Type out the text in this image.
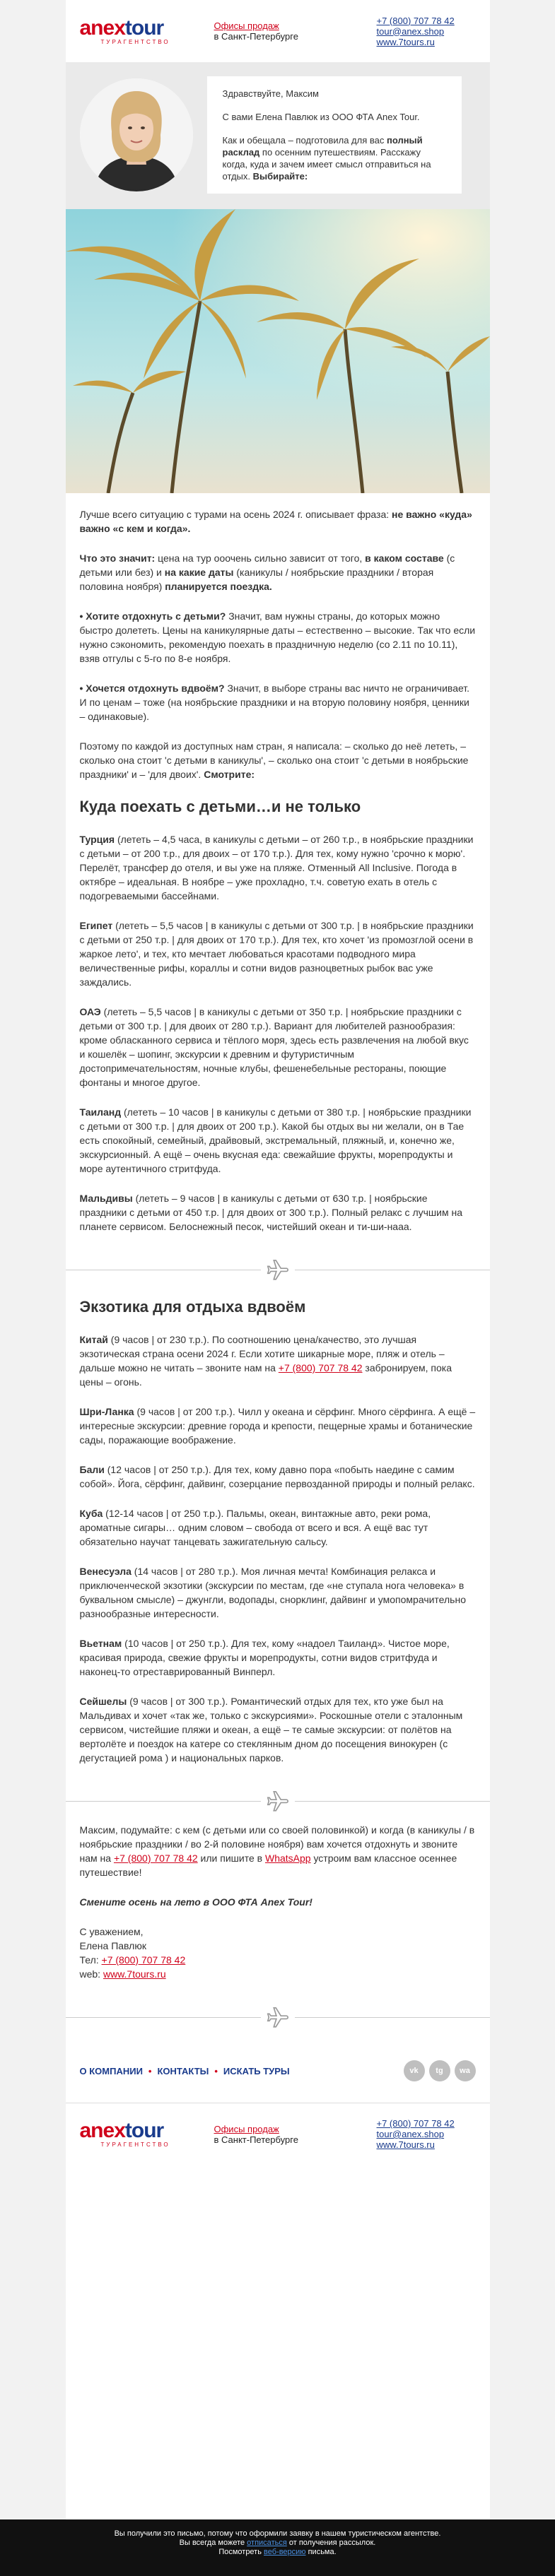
anextour
ТУРАГЕНТСТВО
Офисы продаж
в Санкт-Петербурге
+7 (800) 707 78 42
tour@anex.shop
www.7tours.ru

Здравствуйте, Максим

С вами Елена Павлюк из ООО ФТА Anex Tour.

Как и обещала – подготовила для вас полный расклад по осенним путешествиям. Расскажу когда, куда и зачем имеет смысл отправиться на отдых. Выбирайте:

Лучше всего ситуацию с турами на осень 2024 г. описывает фраза: не важно «куда» важно «с кем и когда».

Что это значит: цена на тур ооочень сильно зависит от того, в каком составе (с детьми или без) и на какие даты (каникулы / ноябрьские праздники / вторая половина ноября) планируется поездка.

• Хотите отдохнуть с детьми? Значит, вам нужны страны, до которых можно быстро долететь. Цены на каникулярные даты – естественно – высокие. Так что если нужно сэкономить, рекомендую поехать в праздничную неделю (со 2.11 по 10.11), взяв отгулы с 5-го по 8-е ноября.

• Хочется отдохнуть вдвоём? Значит, в выборе страны вас ничто не ограничивает. И по ценам – тоже (на ноябрьские праздники и на вторую половину ноября, ценники – одинаковые).

Поэтому по каждой из доступных нам стран, я написала: – сколько до неё лететь, – сколько она стоит 'с детьми в каникулы', – сколько она стоит 'с детьми в ноябрьские праздники' и – 'для двоих'. Смотрите:

Куда поехать с детьми…и не только

Турция (лететь – 4,5 часа, в каникулы с детьми – от 260 т.р., в ноябрьские праздники с детьми – от 200 т.р., для двоих – от 170 т.р.). Для тех, кому нужно 'срочно к морю'. Перелёт, трансфер до отеля, и вы уже на пляже. Отменный All Inclusive. Погода в октябре – идеальная. В ноябре – уже прохладно, т.ч. советую ехать в отель с подогреваемыми бассейнами.

Египет (лететь – 5,5 часов | в каникулы с детьми от 300 т.р. | в ноябрьские праздники с детьми от 250 т.р. | для двоих от 170 т.р.). Для тех, кто хочет 'из промозглой осени в жаркое лето', и тех, кто мечтает любоваться красотами подводного мира величественные рифы, кораллы и сотни видов разноцветных рыбок вас уже заждались.

ОАЭ (лететь – 5,5 часов | в каникулы с детьми от 350 т.р. | ноябрьские праздники с детьми от 300 т.р. | для двоих от 280 т.р.). Вариант для любителей разнообразия: кроме обласканного сервиса и тёплого моря, здесь есть развлечения на любой вкус и кошелёк – шопинг, экскурсии к древним и футуристичным достопримечательностям, ночные клубы, фешенебельные рестораны, поющие фонтаны и многое другое.

Таиланд (лететь – 10 часов | в каникулы с детьми от 380 т.р. | ноябрьские праздники с детьми от 300 т.р. | для двоих от 200 т.р.). Какой бы отдых вы ни желали, он в Тае есть спокойный, семейный, драйвовый, экстремальный, пляжный, и, конечно же, экскурсионный. А ещё – очень вкусная еда: свежайшие фрукты, морепродукты и море аутентичного стритфуда.

Мальдивы (лететь – 9 часов | в каникулы с детьми от 630 т.р. | ноябрьские праздники с детьми от 450 т.р. | для двоих от 300 т.р.). Полный релакс с лучшим на планете сервисом. Белоснежный песок, чистейший океан и ти-ши-нааа.

Экзотика для отдыха вдвоём

Китай (9 часов | от 230 т.р.). По соотношению цена/качество, это лучшая экзотическая страна осени 2024 г. Если хотите шикарные море, пляж и отель – дальше можно не читать – звоните нам на +7 (800) 707 78 42 забронируем, пока цены – огонь.

Шри-Ланка (9 часов | от 200 т.р.). Чилл у океана и сёрфинг. Много сёрфинга. А ещё – интересные экскурсии: древние города и крепости, пещерные храмы и ботанические сады, поражающие воображение.

Бали (12 часов | от 250 т.р.). Для тех, кому давно пора «побыть наедине с самим собой». Йога, сёрфинг, дайвинг, созерцание первозданной природы и полный релакс.

Куба (12-14 часов | от 250 т.р.). Пальмы, океан, винтажные авто, реки рома, ароматные сигары… одним словом – свобода от всего и вся. А ещё вас тут обязательно научат танцевать зажигательную сальсу.

Венесуэла (14 часов | от 280 т.р.). Моя личная мечта! Комбинация релакса и приключенческой экзотики (экскурсии по местам, где «не ступала нога человека» в буквальном смысле) – джунгли, водопады, снорклинг, дайвинг и умопомрачительно разнообразные интересности.

Вьетнам (10 часов | от 250 т.р.). Для тех, кому «надоел Таиланд». Чистое море, красивая природа, свежие фрукты и морепродукты, сотни видов стритфуда и наконец-то отреставрированный Винперл.

Сейшелы (9 часов | от 300 т.р.). Романтический отдых для тех, кто уже был на Мальдивах и хочет «так же, только с экскурсиями». Роскошные отели с эталонным сервисом, чистейшие пляжи и океан, а ещё – те самые экскурсии: от полётов на вертолёте и поездок на катере со стеклянным дном до посещения винокурен (с дегустацией рома ) и национальных парков.

Максим, подумайте: с кем (с детьми или со своей половинкой) и когда (в каникулы / в ноябрьские праздники / во 2-й половине ноября) вам хочется отдохнуть и звоните нам на +7 (800) 707 78 42 или пишите в WhatsApp устроим вам классное осеннее путешествие!

Смените осень на лето в ООО ФТА Anex Tour!

С уважением,
Елена Павлюк
Тел: +7 (800) 707 78 42
web: www.7tours.ru

О КОМПАНИИ • КОНТАКТЫ • ИСКАТЬ ТУРЫ	vk	tg	wa
anextour
ТУРАГЕНТСТВО
Офисы продаж
в Санкт-Петербурге
+7 (800) 707 78 42
tour@anex.shop
www.7tours.ru
Вы получили это письмо, потому что оформили заявку в нашем туристическом агентстве.
Вы всегда можете отписаться от получения рассылок.
Посмотреть веб-версию письма.
